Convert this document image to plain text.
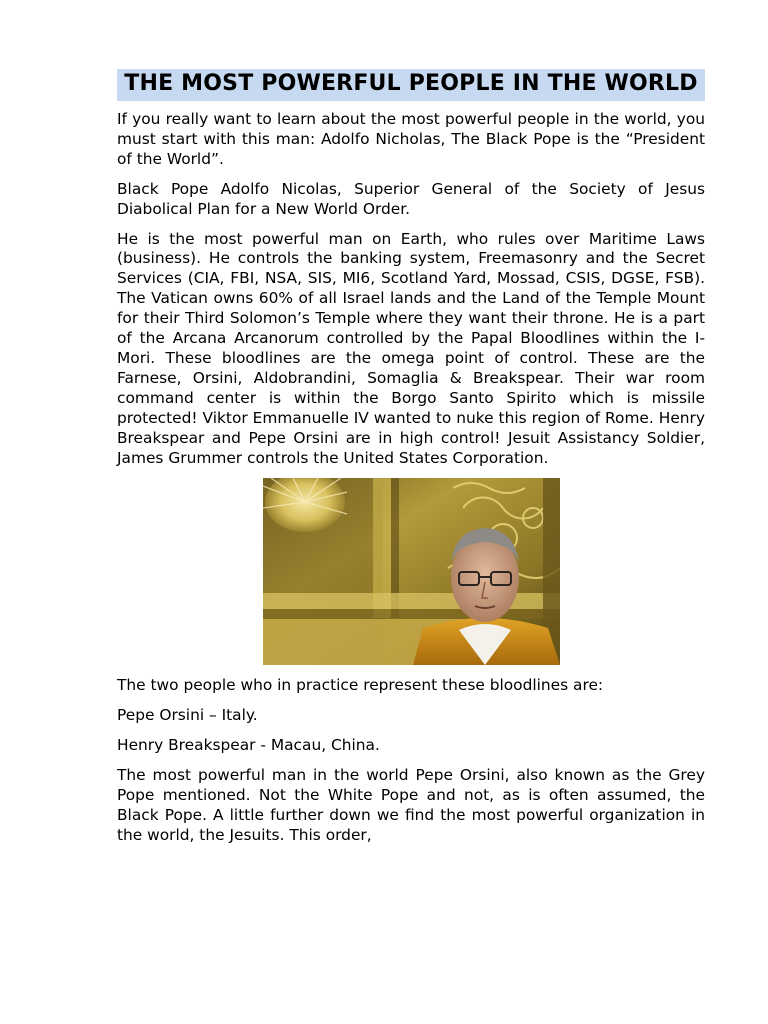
THE MOST POWERFUL PEOPLE IN THE WORLD

If you really want to learn about the most powerful people in the world, you must start with this man: Adolfo Nicholas, The Black Pope is the “President of the World”.

Black Pope Adolfo Nicolas, Superior General of the Society of Jesus Diabolical Plan for a New World Order.

He is the most powerful man on Earth, who rules over Maritime Laws (business). He controls the banking system, Freemasonry and the Secret Services (CIA, FBI, NSA, SIS, MI6, Scotland Yard, Mossad, CSIS, DGSE, FSB). The Vatican owns 60% of all Israel lands and the Land of the Temple Mount for their Third Solomon’s Temple where they want their throne. He is a part of the Arcana Arcanorum controlled by the Papal Bloodlines within the I-Mori. These bloodlines are the omega point of control. These are the Farnese, Orsini, Aldobrandini, Somaglia & Breakspear. Their war room command center is within the Borgo Santo Spirito which is missile protected! Viktor Emmanuelle IV wanted to nuke this region of Rome. Henry Breakspear and Pepe Orsini are in high control! Jesuit Assistancy Soldier, James Grummer controls the United States Corporation.

The two people who in practice represent these bloodlines are:

Pepe Orsini – Italy.

Henry Breakspear - Macau, China.

The most powerful man in the world Pepe Orsini, also known as the Grey Pope mentioned. Not the White Pope and not, as is often assumed, the Black Pope. A little further down we find the most powerful organization in the world, the Jesuits. This order,
